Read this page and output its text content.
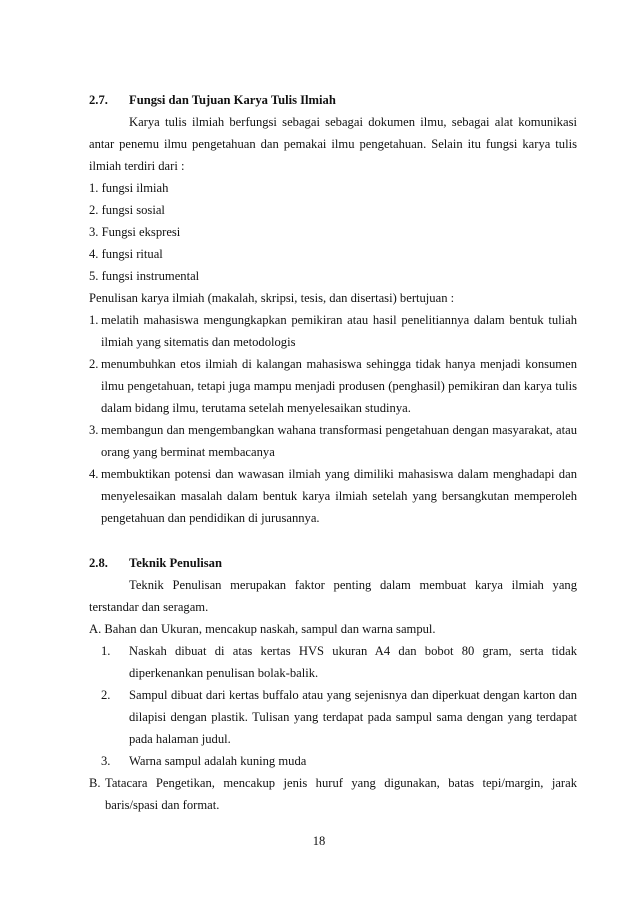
2.7.	Fungsi dan Tujuan Karya Tulis Ilmiah

Karya tulis ilmiah berfungsi sebagai sebagai dokumen ilmu, sebagai alat komunikasi antar penemu ilmu pengetahuan dan pemakai ilmu pengetahuan. Selain itu fungsi karya tulis ilmiah terdiri dari :

1. fungsi ilmiah
2. fungsi sosial
3. Fungsi ekspresi
4. fungsi ritual
5. fungsi instrumental
Penulisan karya ilmiah (makalah, skripsi, tesis, dan disertasi) bertujuan :
1. melatih mahasiswa mengungkapkan pemikiran atau hasil penelitiannya dalam bentuk tuliah ilmiah yang sitematis dan metodologis
2. menumbuhkan etos ilmiah di kalangan mahasiswa sehingga tidak hanya menjadi konsumen ilmu pengetahuan, tetapi juga mampu menjadi produsen (penghasil) pemikiran dan karya tulis dalam bidang ilmu, terutama setelah menyelesaikan studinya.
3. membangun dan mengembangkan wahana transformasi pengetahuan dengan masyarakat, atau orang yang berminat membacanya
4. membuktikan potensi dan wawasan ilmiah yang dimiliki mahasiswa dalam menghadapi dan menyelesaikan masalah dalam bentuk karya ilmiah setelah yang bersangkutan memperoleh pengetahuan dan pendidikan di jurusannya.
2.8.	Teknik Penulisan

Teknik Penulisan merupakan faktor penting dalam membuat karya ilmiah yang terstandar dan seragam.

A. Bahan dan Ukuran, mencakup naskah, sampul dan warna sampul.
1.	Naskah dibuat di atas kertas HVS ukuran A4 dan bobot 80 gram, serta tidak diperkenankan penulisan bolak-balik.
2.	Sampul dibuat dari kertas buffalo atau yang sejenisnya dan diperkuat dengan karton dan dilapisi dengan plastik. Tulisan yang terdapat pada sampul sama dengan yang terdapat pada halaman judul.
3.	Warna sampul adalah kuning muda
B. Tatacara Pengetikan, mencakup jenis huruf yang digunakan, batas tepi/margin, jarak baris/spasi dan format.
18
